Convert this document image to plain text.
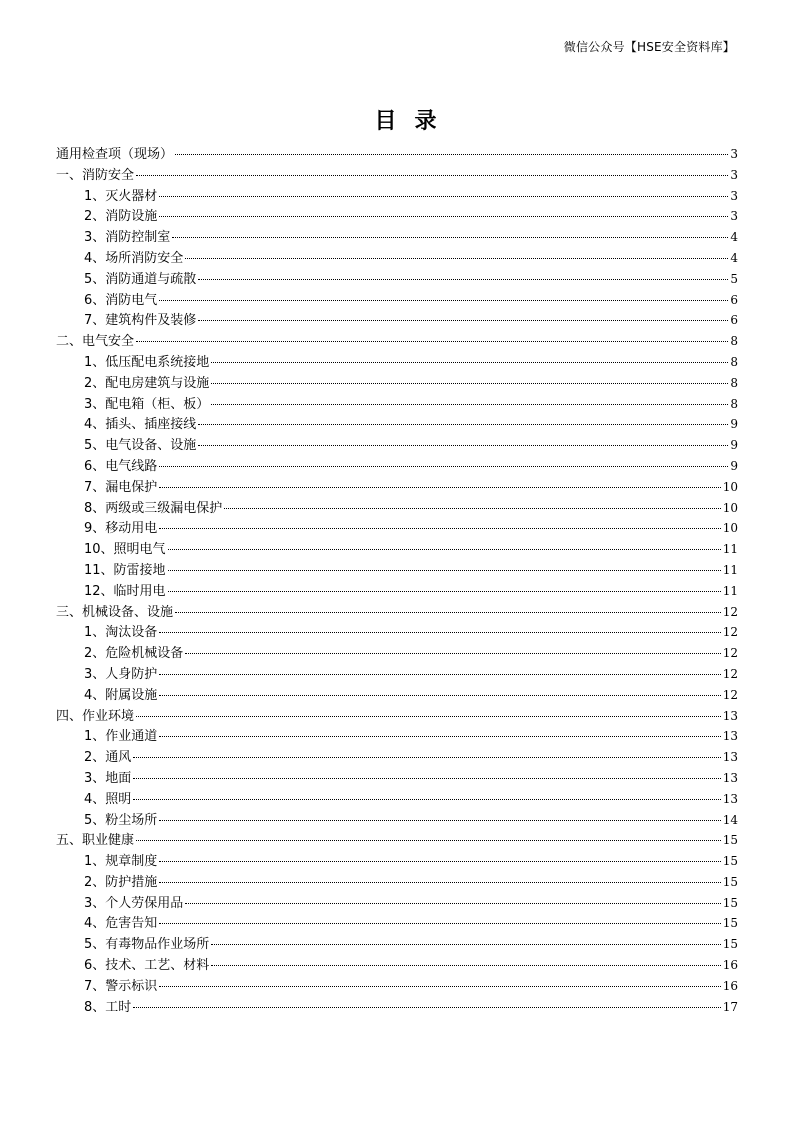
微信公众号【HSE安全资料库】
目录
通用检查项（现场）	3
一、消防安全	3
1、灭火器材	3
2、消防设施	3
3、消防控制室	4
4、场所消防安全	4
5、消防通道与疏散	5
6、消防电气	6
7、建筑构件及装修	6
二、电气安全	8
1、低压配电系统接地	8
2、配电房建筑与设施	8
3、配电箱（柜、板）	8
4、插头、插座接线	9
5、电气设备、设施	9
6、电气线路	9
7、漏电保护	10
8、两级或三级漏电保护	10
9、移动用电	10
10、照明电气	11
11、防雷接地	11
12、临时用电	11
三、机械设备、设施	12
1、淘汰设备	12
2、危险机械设备	12
3、人身防护	12
4、附属设施	12
四、作业环境	13
1、作业通道	13
2、通风	13
3、地面	13
4、照明	13
5、粉尘场所	14
五、职业健康	15
1、规章制度	15
2、防护措施	15
3、个人劳保用品	15
4、危害告知	15
5、有毒物品作业场所	15
6、技术、工艺、材料	16
7、警示标识	16
8、工时	17
